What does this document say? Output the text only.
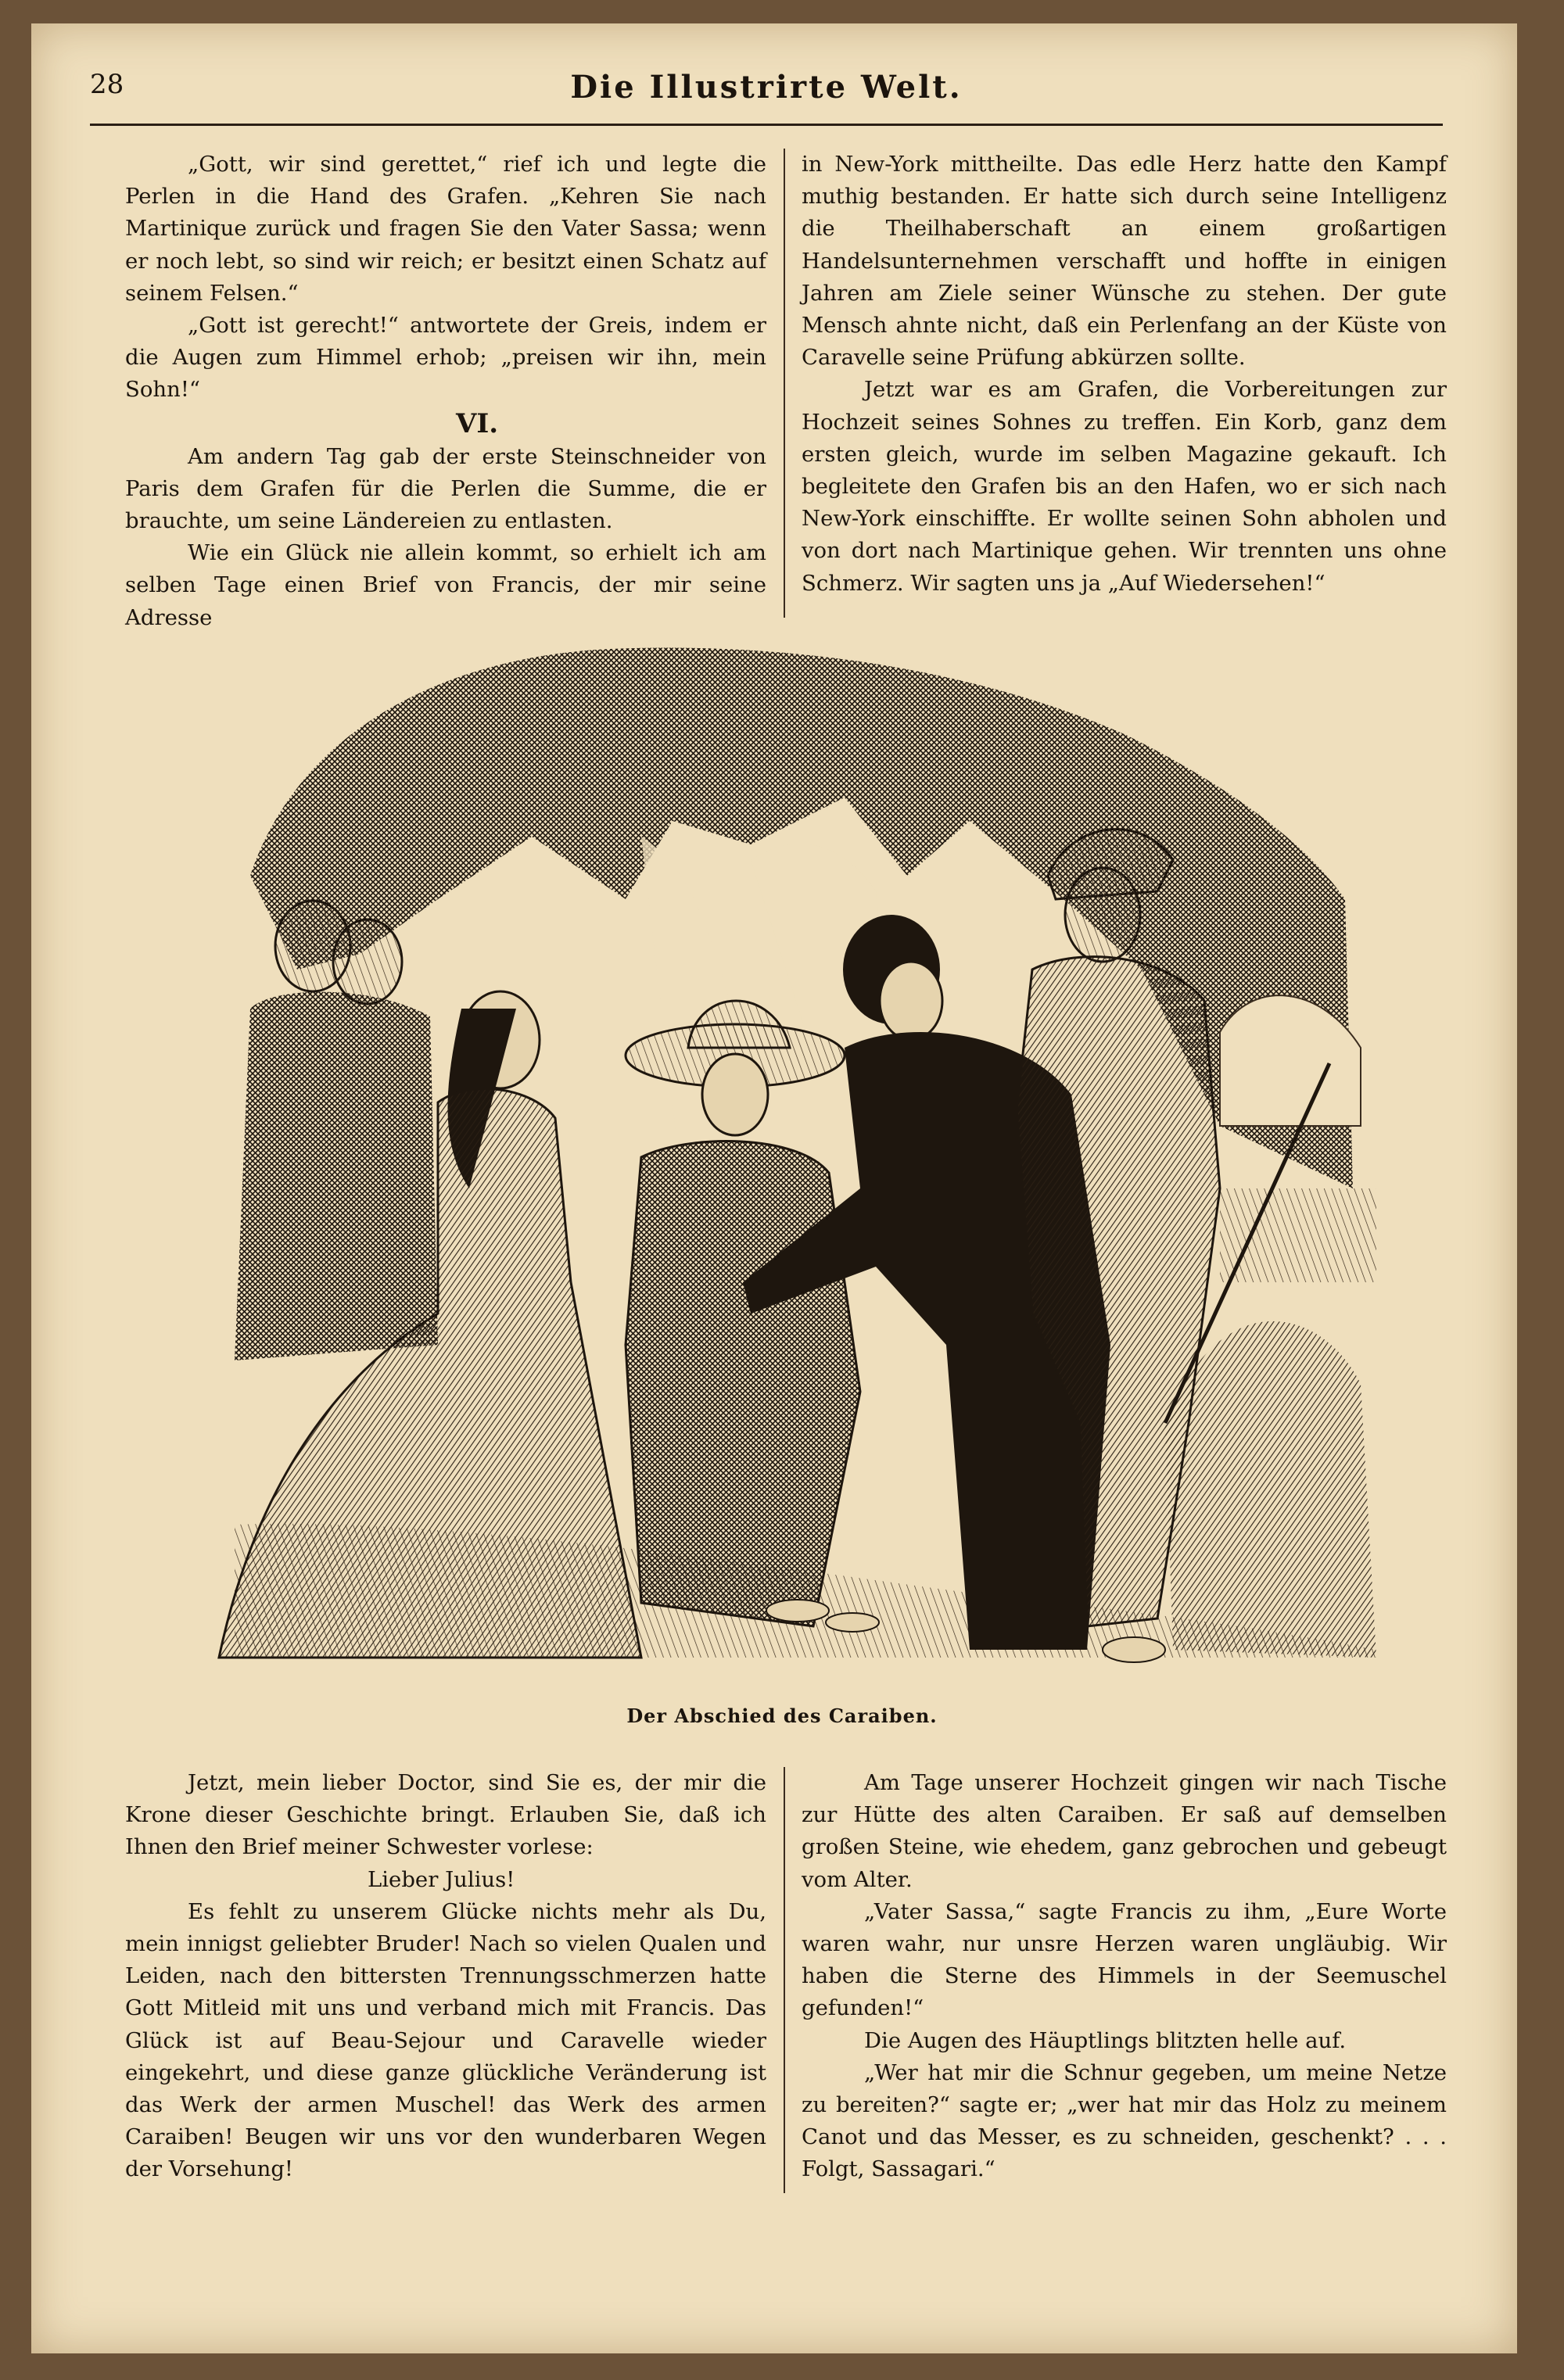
28	Die Illustrirte Welt.

„Gott, wir sind gerettet,“ rief ich und legte die Perlen in die Hand des Grafen. „Kehren Sie nach Martinique zurück und fragen Sie den Vater Sassa; wenn er noch lebt, so sind wir reich; er besitzt einen Schatz auf seinem Felsen.“

„Gott ist gerecht!“ antwortete der Greis, indem er die Augen zum Himmel erhob; „preisen wir ihn, mein Sohn!“

VI.

Am andern Tag gab der erste Steinschneider von Paris dem Grafen für die Perlen die Summe, die er brauchte, um seine Ländereien zu entlasten.

Wie ein Glück nie allein kommt, so erhielt ich am selben Tage einen Brief von Francis, der mir seine Adresse

in New-York mittheilte. Das edle Herz hatte den Kampf muthig bestanden. Er hatte sich durch seine Intelligenz die Theilhaberschaft an einem großartigen Handelsunternehmen verschafft und hoffte in einigen Jahren am Ziele seiner Wünsche zu stehen. Der gute Mensch ahnte nicht, daß ein Perlenfang an der Küste von Caravelle seine Prüfung abkürzen sollte.

Jetzt war es am Grafen, die Vorbereitungen zur Hochzeit seines Sohnes zu treffen. Ein Korb, ganz dem ersten gleich, wurde im selben Magazine gekauft. Ich begleitete den Grafen bis an den Hafen, wo er sich nach New-York einschiffte. Er wollte seinen Sohn abholen und von dort nach Martinique gehen. Wir trennten uns ohne Schmerz. Wir sagten uns ja „Auf Wiedersehen!“

Der Abschied des Caraiben.

Jetzt, mein lieber Doctor, sind Sie es, der mir die Krone dieser Geschichte bringt. Erlauben Sie, daß ich Ihnen den Brief meiner Schwester vorlese:

Lieber Julius!

Es fehlt zu unserem Glücke nichts mehr als Du, mein innigst geliebter Bruder! Nach so vielen Qualen und Leiden, nach den bittersten Trennungsschmerzen hatte Gott Mitleid mit uns und verband mich mit Francis. Das Glück ist auf Beau-Sejour und Caravelle wieder eingekehrt, und diese ganze glückliche Veränderung ist das Werk der armen Muschel! das Werk des armen Caraiben! Beugen wir uns vor den wunderbaren Wegen der Vorsehung!

Am Tage unserer Hochzeit gingen wir nach Tische zur Hütte des alten Caraiben. Er saß auf demselben großen Steine, wie ehedem, ganz gebrochen und gebeugt vom Alter.

„Vater Sassa,“ sagte Francis zu ihm, „Eure Worte waren wahr, nur unsre Herzen waren ungläubig. Wir haben die Sterne des Himmels in der Seemuschel gefunden!“

Die Augen des Häuptlings blitzten helle auf.

„Wer hat mir die Schnur gegeben, um meine Netze zu bereiten?“ sagte er; „wer hat mir das Holz zu meinem Canot und das Messer, es zu schneiden, geschenkt? . . . Folgt, Sassagari.“
